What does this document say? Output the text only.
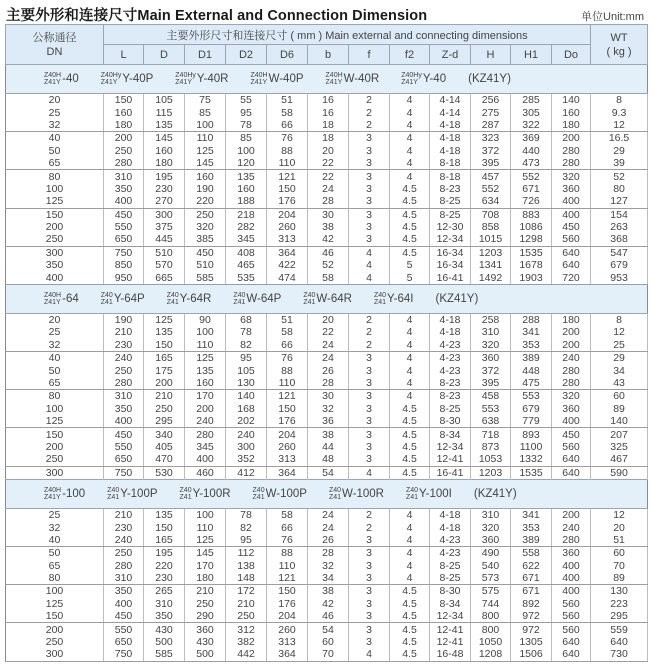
主要外形和连接尺寸Main External and Connection Dimension	单位Unit:mm
公称通径
DN
	主要外形尺寸和连接尺寸 ( mm ) Main external and connecting dimensions	WT
( kg )

	L	D	D1	D2	D6	b	f	f2	Z-d	H	H1	Do	

Z40H
Z41Y -40	Z40Hy
Z41Y Y-40P	Z40Hy
Z41Y Y-40R	Z40H
Z41Y W-40P	Z40H
Z41Y W-40R	Z40Hy
Z41Y Y-40 (KZ41Y)

20	150	105	75	55	51	16	2	4	4-14	256	285	140	8
25	160	115	85	95	58	16	2	4	4-14	275	305	160	9.3
32	180	135	100	78	66	18	2	4	4-18	287	322	180	12
40	200	145	110	85	76	18	3	4	4-18	323	369	200	16.5
50	250	160	125	100	88	20	3	4	4-18	372	440	280	29
65	280	180	145	120	110	22	3	4	8-18	395	473	280	39
80	310	195	160	135	121	22	3	4	8-18	457	552	320	52
100	350	230	190	160	150	24	3	4.5	8-23	552	671	360	80
125	400	270	220	188	176	28	3	4.5	8-25	634	726	400	127
150	450	300	250	218	204	30	3	4.5	8-25	708	883	400	154
200	550	375	320	282	260	38	3	4.5	12-30	858	1086	450	263
250	650	445	385	345	313	42	3	4.5	12-34	1015	1298	560	368
300	750	510	450	408	364	46	4	4.5	16-34	1203	1535	640	547
350	850	570	510	465	422	52	4	5	16-34	1341	1678	640	679
400	950	665	585	535	474	58	4	5	16-41	1492	1903	720	953

Z40H
Z41Y -64	Z40
Z41 Y-64P	Z40
Z41 Y-64R	Z40
Z41 W-64P	Z40
Z41 W-64R	Z40
Z41 Y-64I (KZ41Y)

20	190	125	90	68	51	20	2	4	4-18	258	288	180	8
25	210	135	100	78	58	22	2	4	4-18	310	341	200	12
32	230	150	110	82	66	24	2	4	4-23	320	353	200	25
40	240	165	125	95	76	24	3	4	4-23	360	389	240	29
50	250	175	135	105	88	26	3	4	4-23	372	448	280	34
65	280	200	160	130	110	28	3	4	8-23	395	475	280	43
80	310	210	170	140	121	30	3	4	8-23	458	553	320	60
100	350	250	200	168	150	32	3	4.5	8-25	553	679	360	89
125	400	295	240	202	176	36	3	4.5	8-30	638	779	400	140
150	450	340	280	240	204	38	3	4.5	8-34	718	893	450	207
200	550	405	345	300	260	44	3	4.5	12-34	873	1100	560	325
250	650	470	400	352	313	48	3	4.5	12-41	1053	1332	640	467
300	750	530	460	412	364	54	4	4.5	16-41	1203	1535	640	590

Z40H
Z41Y -100	Z40
Z41 Y-100P	Z40
Z41 Y-100R	Z40
Z41 W-100P	Z40
Z41 W-100R	Z40
Z41 Y-100I (KZ41Y)

25	210	135	100	78	58	24	2	4	4-18	310	341	200	12
32	230	150	110	82	66	24	2	4	4-18	320	353	240	20
40	240	165	125	95	76	26	3	4	4-23	360	389	280	51
50	250	195	145	112	88	28	3	4	4-23	490	558	360	60
65	280	220	170	138	110	32	3	4	8-25	540	622	400	70
80	310	230	180	148	121	34	3	4	8-25	573	671	400	89
100	350	265	210	172	150	38	3	4.5	8-30	575	671	400	130
125	400	310	250	210	176	42	3	4.5	8-34	744	892	560	223
150	450	350	290	250	204	46	3	4.5	12-34	800	972	560	295
200	550	430	360	312	260	54	3	4.5	12-41	800	972	560	559
250	650	500	430	382	313	60	3	4.5	12-41	1050	1305	640	640
300	750	585	500	442	364	70	4	4.5	16-48	1208	1506	640	730
